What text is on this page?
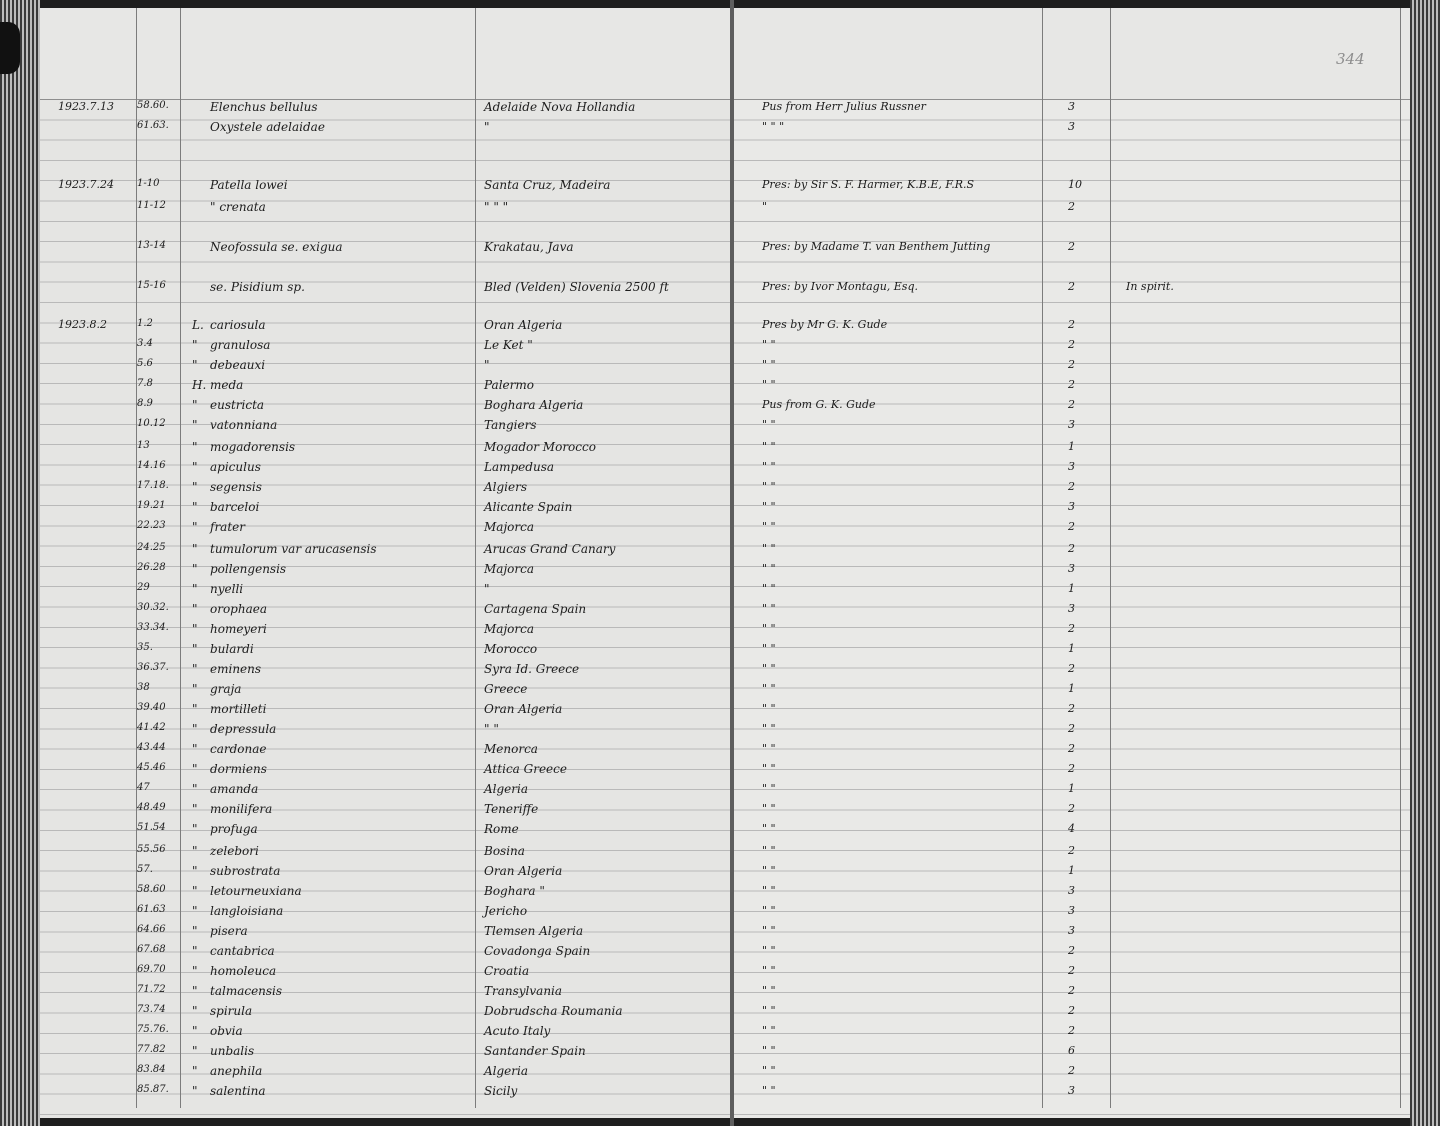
344
1923.7.13 58.60.	Elenchus bellulus	Adelaide Nova Hollandia	Pus from Herr Julius Russner	3
61.63.	Oxystele adelaidae	"	" " "	3
1923.7.24 1-10	Patella lowei	Santa Cruz, Madeira	Pres: by Sir S. F. Harmer, K.B.E, F.R.S	10
11-12	" crenata	" " "	"	2
13-14	Neofossula se. exigua	Krakatau, Java	Pres: by Madame T. van Benthem Jutting	2
15-16	se. Pisidium sp.	Bled (Velden) Slovenia 2500 ft	Pres: by Ivor Montagu, Esq.	2	In spirit.
1923.8.2	1.2	L. cariosula	Oran Algeria	Pres by Mr G. K. Gude	2
3.4	" granulosa	Le Ket "	" "	2
5.6	" debeauxi	"	" "	2
7.8	H. meda	Palermo	" "	2
8.9	" eustricta	Boghara Algeria	Pus from G. K. Gude	2
10.12 " vatonniana	Tangiers	" "	3
13	" mogadorensis	Mogador Morocco	" "	1
14.16 " apiculus	Lampedusa	" "	3
17.18. " segensis	Algiers	" "	2
19.21 " barceloi	Alicante Spain	" "	3
22.23 " frater	Majorca	" "	2
24.25 " tumulorum var arucasensis	Arucas Grand Canary	" "	2
26.28 " pollengensis	Majorca	" "	3
29	" nyelli	"	" "	1
30.32. " orophaea	Cartagena Spain	" "	3
33.34. " homeyeri	Majorca	" "	2
35.	" bulardi	Morocco	" "	1
36.37. " eminens	Syra Id. Greece	" "	2
38	" graja	Greece	" "	1
39.40 " mortilleti	Oran Algeria	" "	2
41.42 " depressula	" "	" "	2
43.44 " cardonae	Menorca	" "	2
45.46 " dormiens	Attica Greece	" "	2
47	" amanda	Algeria	" "	1
48.49 " monilifera	Teneriffe	" "	2
51.54 " profuga	Rome	" "	4
55.56 " zelebori	Bosina	" "	2
57.	" subrostrata	Oran Algeria	" "	1
58.60 " letourneuxiana	Boghara "	" "	3
61.63 " langloisiana	Jericho	" "	3
64.66 " pisera	Tlemsen Algeria	" "	3
67.68 " cantabrica	Covadonga Spain	" "	2
69.70 " homoleuca	Croatia	" "	2
71.72 " talmacensis	Transylvania	" "	2
73.74 " spirula	Dobrudscha Roumania	" "	2
75.76. " obvia	Acuto Italy	" "	2
77.82 " unbalis	Santander Spain	" "	6
83.84 " anephila	Algeria	" "	2
85.87. " salentina	Sicily	" "	3
